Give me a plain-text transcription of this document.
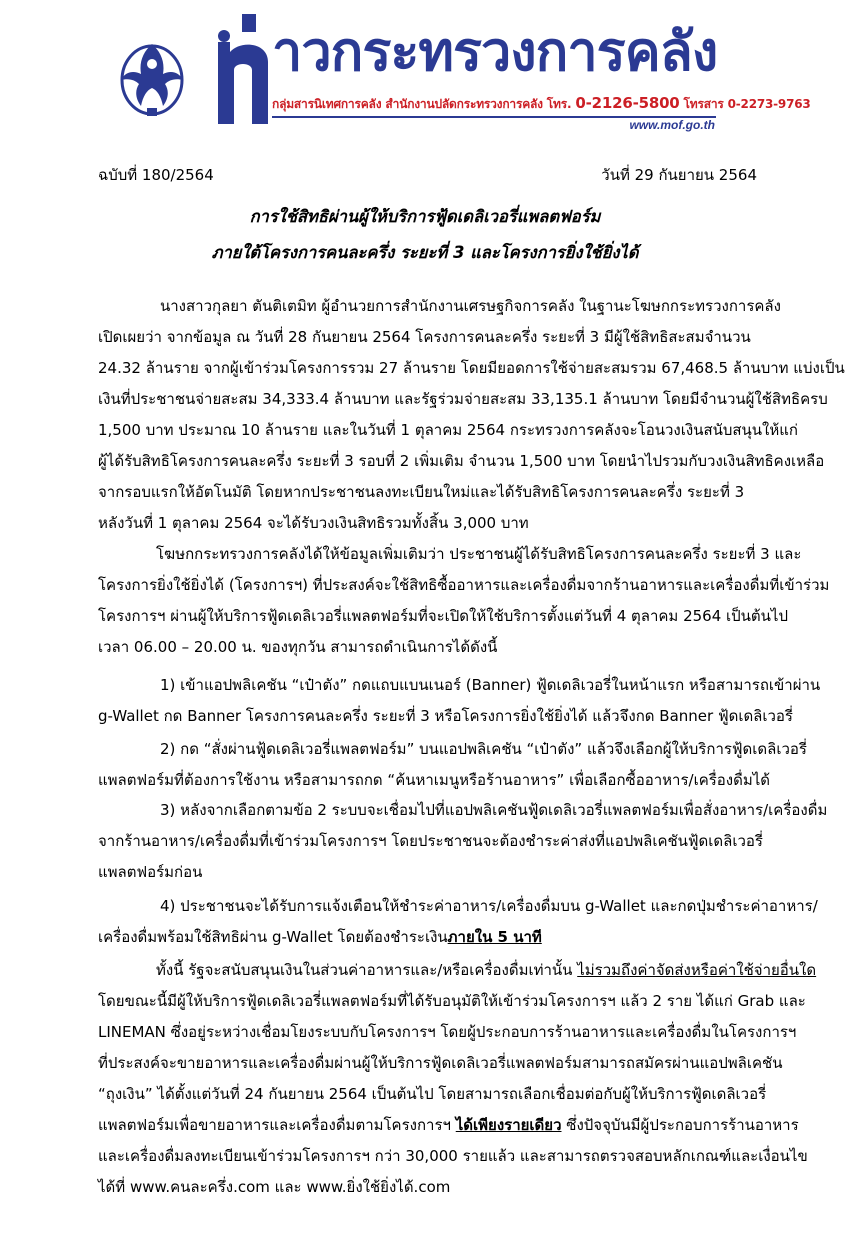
าวกระทรวงการคลัง
กลุ่มสารนิเทศการคลัง สำนักงานปลัดกระทรวงการคลัง โทร. 0-2126-5800 โทรสาร 0-2273-9763
www.mof.go.th
ฉบับที่ 180/2564	วันที่ 29 กันยายน 2564
การใช้สิทธิผ่านผู้ให้บริการฟู้ดเดลิเวอรี่แพลตฟอร์ม
ภายใต้โครงการคนละครึ่ง ระยะที่ 3 และโครงการยิ่งใช้ยิ่งได้
นางสาวกุลยา ตันติเตมิท ผู้อำนวยการสำนักงานเศรษฐกิจการคลัง ในฐานะโฆษกกระทรวงการคลัง
เปิดเผยว่า จากข้อมูล ณ วันที่ 28 กันยายน 2564 โครงการคนละครึ่ง ระยะที่ 3 มีผู้ใช้สิทธิสะสมจำนวน
24.32 ล้านราย จากผู้เข้าร่วมโครงการรวม 27 ล้านราย โดยมียอดการใช้จ่ายสะสมรวม 67,468.5 ล้านบาท แบ่งเป็น
เงินที่ประชาชนจ่ายสะสม 34,333.4 ล้านบาท และรัฐร่วมจ่ายสะสม 33,135.1 ล้านบาท โดยมีจำนวนผู้ใช้สิทธิครบ
1,500 บาท ประมาณ 10 ล้านราย และในวันที่ 1 ตุลาคม 2564 กระทรวงการคลังจะโอนวงเงินสนับสนุนให้แก่
ผู้ได้รับสิทธิโครงการคนละครึ่ง ระยะที่ 3 รอบที่ 2 เพิ่มเติม จำนวน 1,500 บาท โดยนำไปรวมกับวงเงินสิทธิคงเหลือ
จากรอบแรกให้อัตโนมัติ โดยหากประชาชนลงทะเบียนใหม่และได้รับสิทธิโครงการคนละครึ่ง ระยะที่ 3
หลังวันที่ 1 ตุลาคม 2564 จะได้รับวงเงินสิทธิรวมทั้งสิ้น 3,000 บาท
โฆษกกระทรวงการคลังได้ให้ข้อมูลเพิ่มเติมว่า ประชาชนผู้ได้รับสิทธิโครงการคนละครึ่ง ระยะที่ 3 และ
โครงการยิ่งใช้ยิ่งได้ (โครงการฯ) ที่ประสงค์จะใช้สิทธิซื้ออาหารและเครื่องดื่มจากร้านอาหารและเครื่องดื่มที่เข้าร่วม
โครงการฯ ผ่านผู้ให้บริการฟู้ดเดลิเวอรี่แพลตฟอร์มที่จะเปิดให้ใช้บริการตั้งแต่วันที่ 4 ตุลาคม 2564 เป็นต้นไป
เวลา 06.00 – 20.00 น. ของทุกวัน สามารถดำเนินการได้ดังนี้
1) เข้าแอปพลิเคชัน “เป๋าตัง” กดแถบแบนเนอร์ (Banner) ฟู้ดเดลิเวอรี่ในหน้าแรก หรือสามารถเข้าผ่าน
g-Wallet กด Banner โครงการคนละครึ่ง ระยะที่ 3 หรือโครงการยิ่งใช้ยิ่งได้ แล้วจึงกด Banner ฟู้ดเดลิเวอรี่
2) กด “สั่งผ่านฟู้ดเดลิเวอรี่แพลตฟอร์ม” บนแอปพลิเคชัน “เป๋าตัง” แล้วจึงเลือกผู้ให้บริการฟู้ดเดลิเวอรี่
แพลตฟอร์มที่ต้องการใช้งาน หรือสามารถกด “ค้นหาเมนูหรือร้านอาหาร” เพื่อเลือกซื้ออาหาร/เครื่องดื่มได้
3) หลังจากเลือกตามข้อ 2 ระบบจะเชื่อมไปที่แอปพลิเคชันฟู้ดเดลิเวอรี่แพลตฟอร์มเพื่อสั่งอาหาร/เครื่องดื่ม
จากร้านอาหาร/เครื่องดื่มที่เข้าร่วมโครงการฯ โดยประชาชนจะต้องชำระค่าส่งที่แอปพลิเคชันฟู้ดเดลิเวอรี่
แพลตฟอร์มก่อน
4) ประชาชนจะได้รับการแจ้งเตือนให้ชำระค่าอาหาร/เครื่องดื่มบน g-Wallet และกดปุ่มชำระค่าอาหาร/
เครื่องดื่มพร้อมใช้สิทธิผ่าน g-Wallet โดยต้องชำระเงินภายใน 5 นาที
ทั้งนี้ รัฐจะสนับสนุนเงินในส่วนค่าอาหารและ/หรือเครื่องดื่มเท่านั้น ไม่รวมถึงค่าจัดส่งหรือค่าใช้จ่ายอื่นใด
โดยขณะนี้มีผู้ให้บริการฟู้ดเดลิเวอรี่แพลตฟอร์มที่ได้รับอนุมัติให้เข้าร่วมโครงการฯ แล้ว 2 ราย ได้แก่ Grab และ
LINEMAN ซึ่งอยู่ระหว่างเชื่อมโยงระบบกับโครงการฯ โดยผู้ประกอบการร้านอาหารและเครื่องดื่มในโครงการฯ
ที่ประสงค์จะขายอาหารและเครื่องดื่มผ่านผู้ให้บริการฟู้ดเดลิเวอรี่แพลตฟอร์มสามารถสมัครผ่านแอปพลิเคชัน
“ถุงเงิน” ได้ตั้งแต่วันที่ 24 กันยายน 2564 เป็นต้นไป โดยสามารถเลือกเชื่อมต่อกับผู้ให้บริการฟู้ดเดลิเวอรี่
แพลตฟอร์มเพื่อขายอาหารและเครื่องดื่มตามโครงการฯ ได้เพียงรายเดียว ซึ่งปัจจุบันมีผู้ประกอบการร้านอาหาร
และเครื่องดื่มลงทะเบียนเข้าร่วมโครงการฯ กว่า 30,000 รายแล้ว และสามารถตรวจสอบหลักเกณฑ์และเงื่อนไข
ได้ที่ www.คนละครึ่ง.com และ www.ยิ่งใช้ยิ่งได้.com
